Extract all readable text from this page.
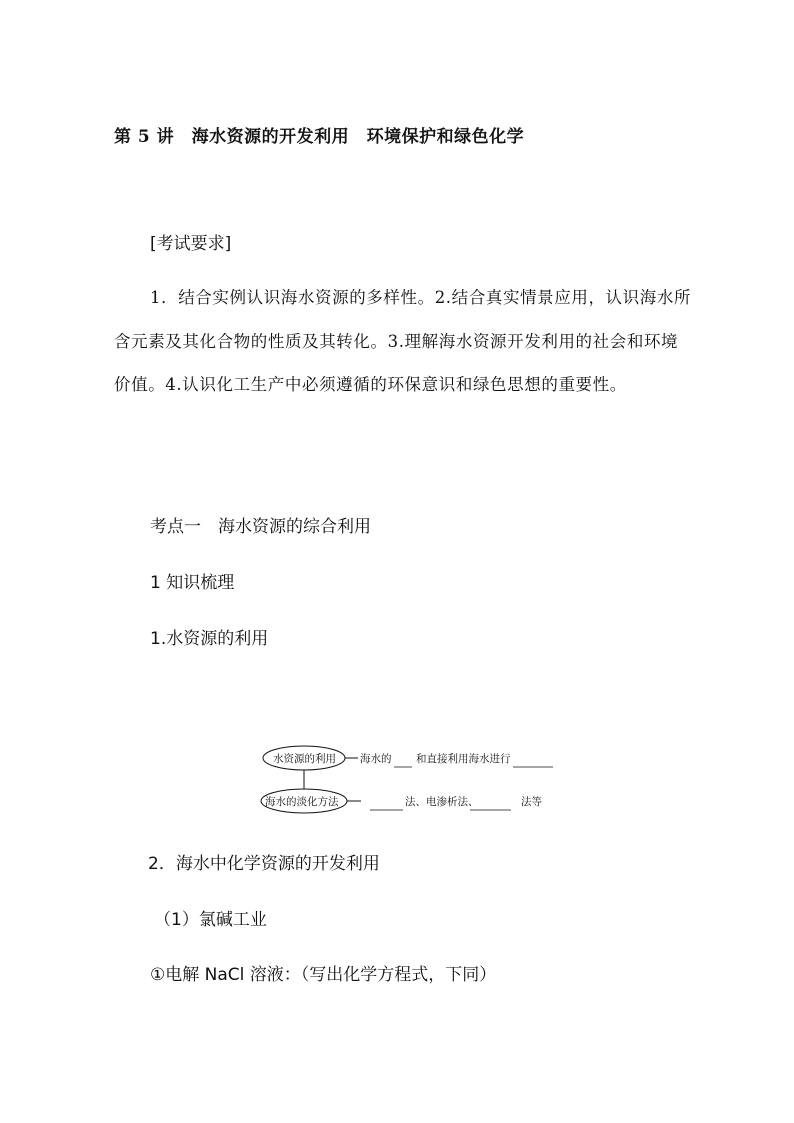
第 5 讲　海水资源的开发利用　环境保护和绿色化学
[考试要求]

1．结合实例认识海水资源的多样性。2.结合真实情景应用，认识海水所含元素及其化合物的性质及其转化。3.理解海水资源开发利用的社会和环境价值。4.认识化工生产中必须遵循的环保意识和绿色思想的重要性。

考点一　海水资源的综合利用
1 知识梳理
1.水资源的利用
水资源的利用 海水的 和直接利用海水进行
海水的淡化方法	法、电渗析法、	法等
2．海水中化学资源的开发利用
（1）氯碱工业
①电解 NaCl 溶液：（写出化学方程式，下同）
